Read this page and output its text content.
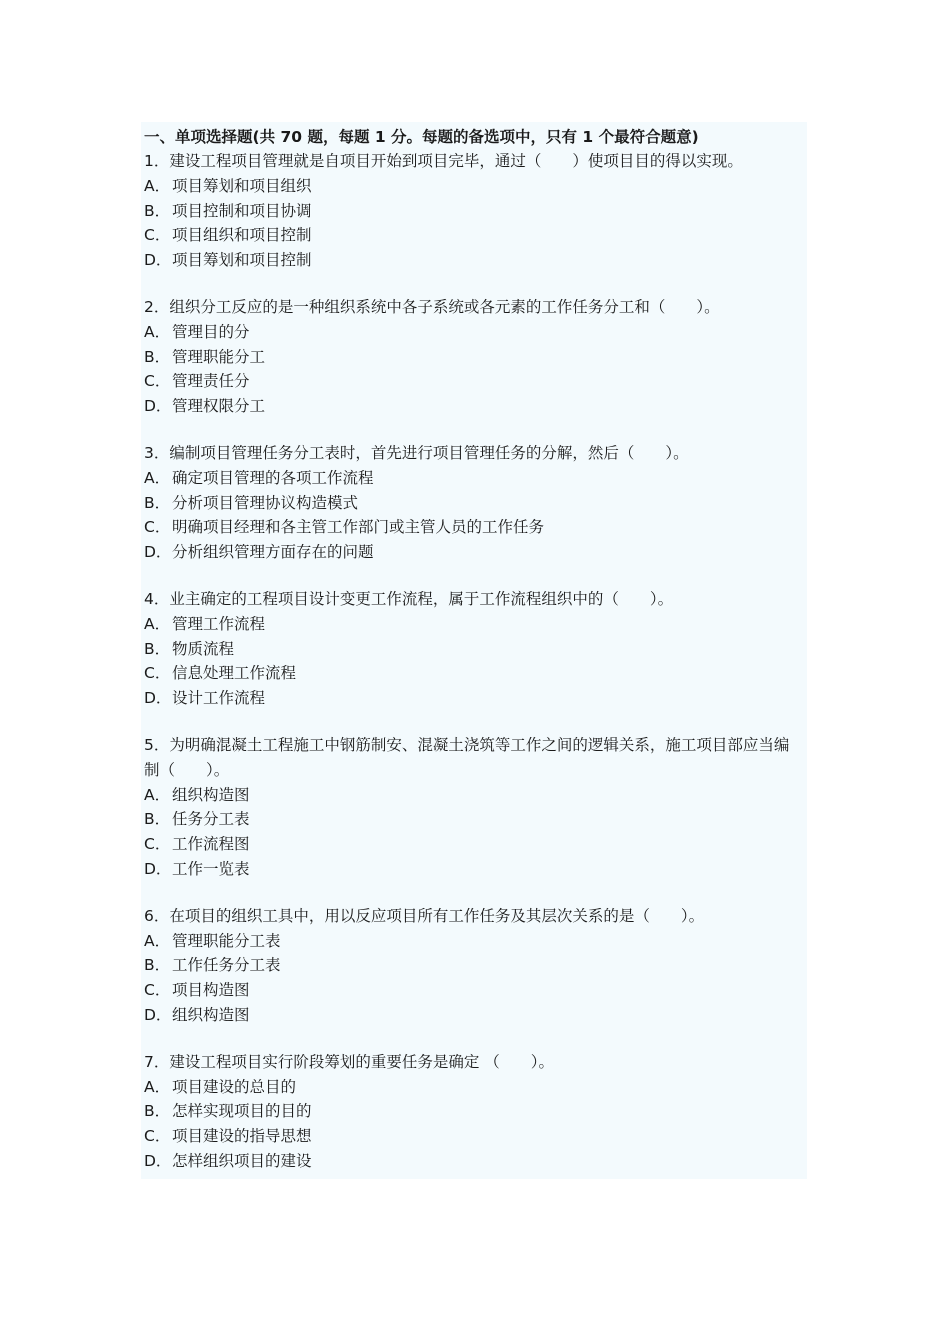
一、单项选择题(共 70 题，每题 1 分。每题的备选项中，只有 1 个最符合题意)
1．建设工程项目管理就是自项目开始到项目完毕，通过（　　）使项目目的得以实现。
A． 项目筹划和项目组织
B． 项目控制和项目协调
C． 项目组织和项目控制
D．项目筹划和项目控制
2．组织分工反应的是一种组织系统中各子系统或各元素的工作任务分工和（　　）。
A． 管理目的分
B． 管理职能分工
C． 管理责任分
D．管理权限分工
3．编制项目管理任务分工表时，首先进行项目管理任务的分解，然后（　　）。
A． 确定项目管理的各项工作流程
B． 分析项目管理协议构造模式
C． 明确项目经理和各主管工作部门或主管人员的工作任务
D．分析组织管理方面存在的问题
4．业主确定的工程项目设计变更工作流程，属于工作流程组织中的（　　）。
A． 管理工作流程
B． 物质流程
C． 信息处理工作流程
D．设计工作流程
5．为明确混凝土工程施工中钢筋制安、混凝土浇筑等工作之间的逻辑关系，施工项目部应当编制（　　）。
A． 组织构造图
B． 任务分工表
C． 工作流程图
D．工作一览表
6．在项目的组织工具中，用以反应项目所有工作任务及其层次关系的是（　　）。
A． 管理职能分工表
B． 工作任务分工表
C． 项目构造图
D．组织构造图
7．建设工程项目实行阶段筹划的重要任务是确定 （　　）。
A． 项目建设的总目的
B． 怎样实现项目的目的
C． 项目建设的指导思想
D．怎样组织项目的建设
